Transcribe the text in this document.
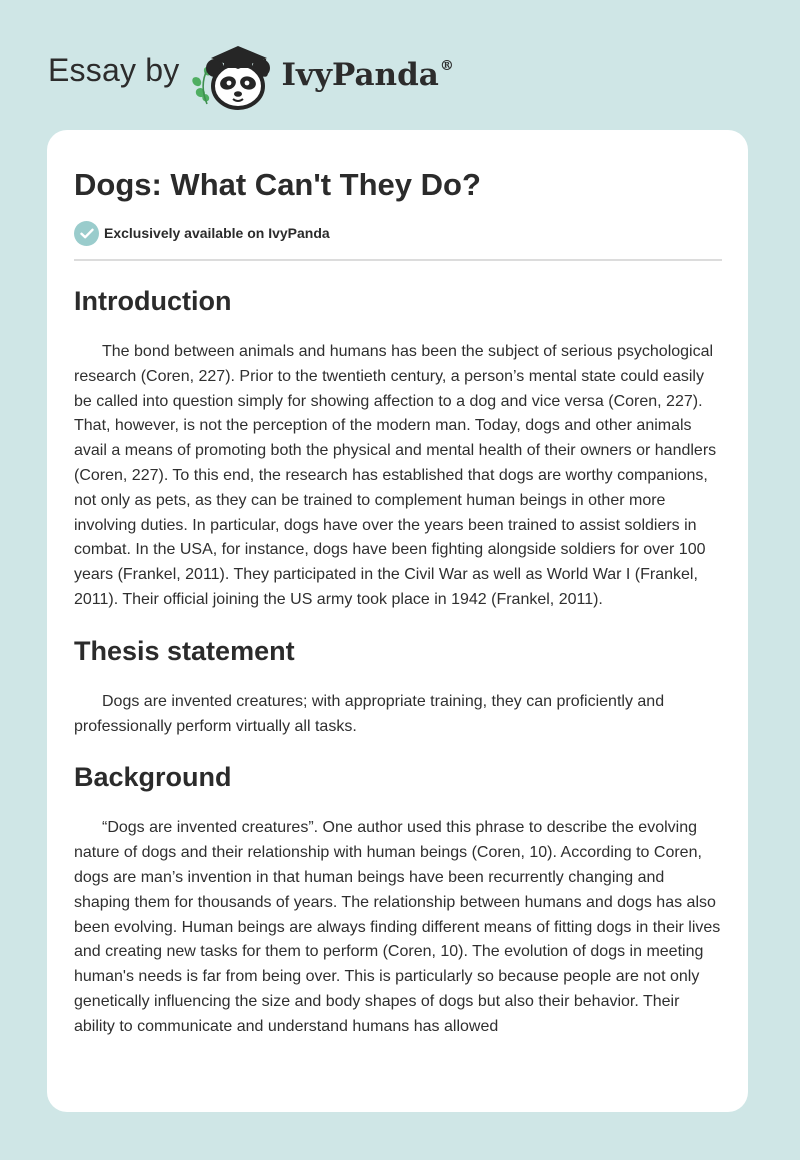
Essay by	IvyPanda®
Dogs: What Can't They Do?
Exclusively available on IvyPanda
Introduction

The bond between animals and humans has been the subject of serious psychological research (Coren, 227). Prior to the twentieth century, a person’s mental state could easily be called into question simply for showing affection to a dog and vice versa (Coren, 227). That, however, is not the perception of the modern man. Today, dogs and other animals avail a means of promoting both the physical and mental health of their owners or handlers (Coren, 227). To this end, the research has established that dogs are worthy companions, not only as pets, as they can be trained to complement human beings in other more involving duties. In particular, dogs have over the years been trained to assist soldiers in combat. In the USA, for instance, dogs have been fighting alongside soldiers for over 100 years (Frankel, 2011). They participated in the Civil War as well as World War I (Frankel, 2011). Their official joining the US army took place in 1942 (Frankel, 2011).

Thesis statement

Dogs are invented creatures; with appropriate training, they can proficiently and professionally perform virtually all tasks.

Background

“Dogs are invented creatures”. One author used this phrase to describe the evolving nature of dogs and their relationship with human beings (Coren, 10). According to Coren, dogs are man’s invention in that human beings have been recurrently changing and shaping them for thousands of years. The relationship between humans and dogs has also been evolving. Human beings are always finding different means of fitting dogs in their lives and creating new tasks for them to perform (Coren, 10). The evolution of dogs in meeting human's needs is far from being over. This is particularly so because people are not only genetically influencing the size and body shapes of dogs but also their behavior. Their ability to communicate and understand humans has allowed
